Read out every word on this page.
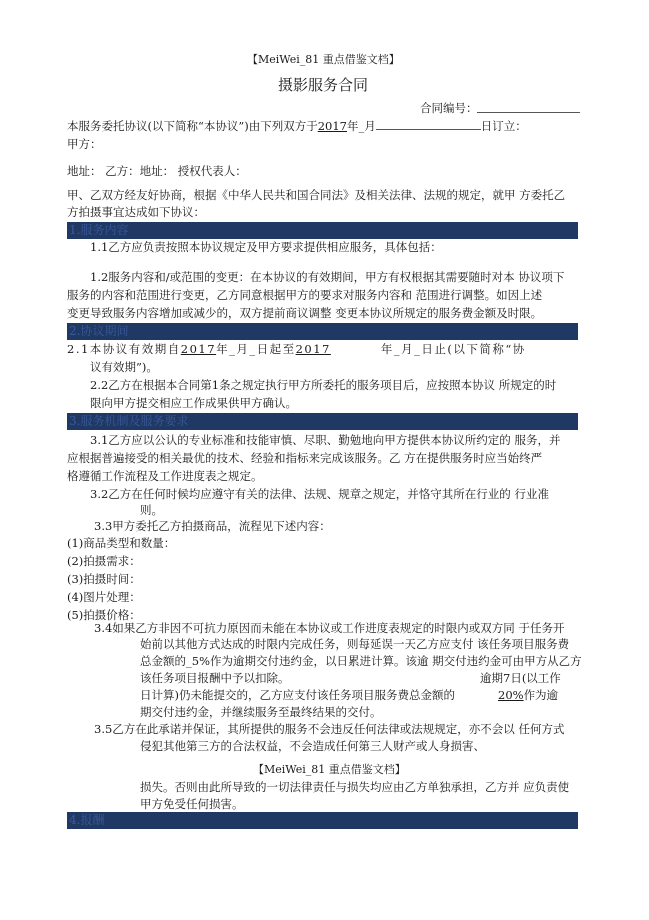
【MeiWei_81 重点借鉴文档】
摄影服务合同
合同编号：
本服务委托协议(以下简称“本协议”)由下列双方于2017年_月	日订立：
甲方：
地址： 乙方：地址： 授权代表人：
甲、乙双方经友好协商，根据《中华人民共和国合同法》及相关法律、法规的规定，就甲 方委托乙
方拍摄事宜达成如下协议：
1.服务内容
1.1乙方应负责按照本协议规定及甲方要求提供相应服务，具体包括：
1.2服务内容和/或范围的变更：在本协议的有效期间，甲方有权根据其需要随时对本 协议项下
服务的内容和范围进行变更，乙方同意根据甲方的要求对服务内容和 范围进行调整。如因上述
变更导致服务内容增加或减少的，双方提前商议调整 变更本协议所规定的服务费金额及时限。
2.协议期间
2.1本协议有效期自2017年_月_日起至2017	年_月_日止(以下简称“协
议有效期”)。
2.2乙方在根据本合同第1条之规定执行甲方所委托的服务项目后，应按照本协议 所规定的时
限向甲方提交相应工作成果供甲方确认。
3.服务机制及服务要求
3.1乙方应以公认的专业标准和技能审慎、尽职、勤勉地向甲方提供本协议所约定的 服务，并
应根据普遍接受的相关最优的技术、经验和指标来完成该服务。乙 方在提供服务时应当始终严
格遵循工作流程及工作进度表之规定。
3.2乙方在任何时候均应遵守有关的法律、法规、规章之规定，并恪守其所在行业的 行业准
则。
3.3甲方委托乙方拍摄商品，流程见下述内容：
(1)商品类型和数量：
(2)拍摄需求：
(3)拍摄时间：
(4)图片处理：
(5)拍摄价格：
3.4如果乙方非因不可抗力原因而未能在本协议或工作进度表规定的时限内或双方同 于任务开
始前以其他方式达成的时限内完成任务，则每延误一天乙方应支付 该任务项目服务费
总金额的_5%作为逾期交付违约金，以日累进计算。该逾 期交付违约金可由甲方从乙方
该任务项目报酬中予以扣除。	逾期7日(以工作
日计算)仍未能提交的，乙方应支付该任务项目服务费总金额的	20%作为逾
期交付违约金，并继续服务至最终结果的交付。
3.5乙方在此承诺并保证，其所提供的服务不会违反任何法律或法规规定，亦不会以 任何方式
侵犯其他第三方的合法权益，不会造成任何第三人财产或人身损害、
【MeiWei_81 重点借鉴文档】
损失。否则由此所导致的一切法律责任与损失均应由乙方单独承担，乙方并 应负责使
甲方免受任何损害。
4.报酬
